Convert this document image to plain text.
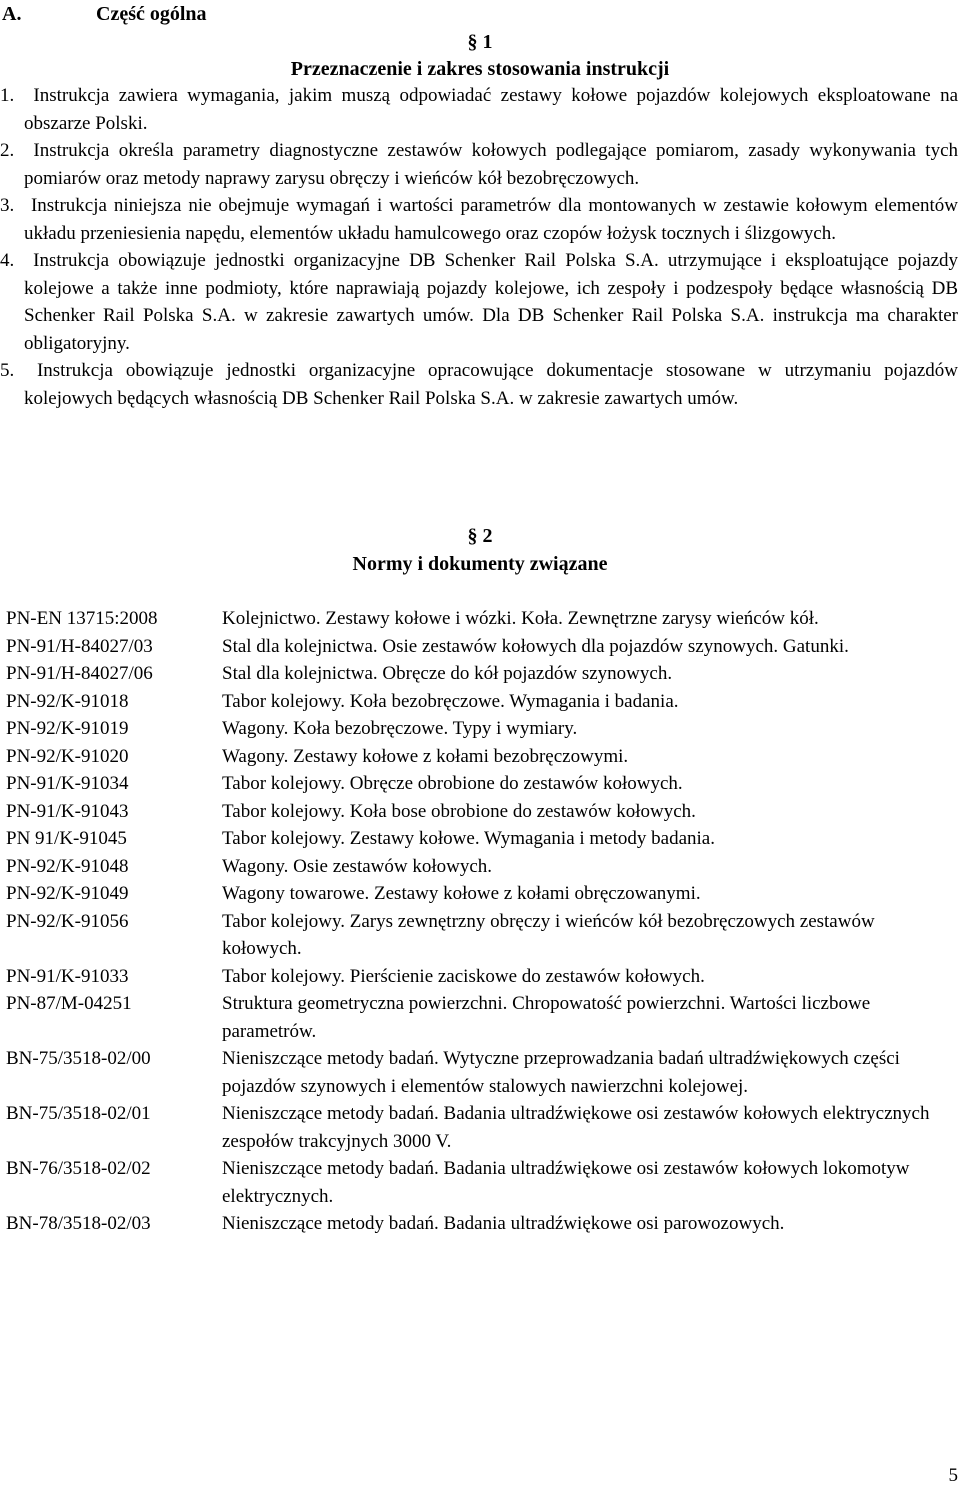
A.	Część ogólna

§ 1

Przeznaczenie i zakres stosowania instrukcji

1. Instrukcja zawiera wymagania, jakim muszą odpowiadać zestawy kołowe pojazdów kolejowych eksploatowane na obszarze Polski.
2. Instrukcja określa parametry diagnostyczne zestawów kołowych podlegające pomiarom, zasady wykonywania tych pomiarów oraz metody naprawy zarysu obręczy i wieńców kół bezobręczowych.
3. Instrukcja niniejsza nie obejmuje wymagań i wartości parametrów dla montowanych w zestawie kołowym elementów układu przeniesienia napędu, elementów układu hamulcowego oraz czopów łożysk tocznych i ślizgowych.
4. Instrukcja obowiązuje jednostki organizacyjne DB Schenker Rail Polska S.A. utrzymujące i eksploatujące pojazdy kolejowe a także inne podmioty, które naprawiają pojazdy kolejowe, ich zespoły i podzespoły będące własnością DB Schenker Rail Polska S.A. w zakresie zawartych umów. Dla DB Schenker Rail Polska S.A. instrukcja ma charakter obligatoryjny.
5. Instrukcja obowiązuje jednostki organizacyjne opracowujące dokumentacje stosowane w utrzymaniu pojazdów kolejowych będących własnością DB Schenker Rail Polska S.A. w zakresie zawartych umów.

§ 2

Normy i dokumenty związane

PN-EN 13715:2008	Kolejnictwo. Zestawy kołowe i wózki. Koła. Zewnętrzne zarysy wieńców kół.
PN-91/H-84027/03	Stal dla kolejnictwa. Osie zestawów kołowych dla pojazdów szynowych. Gatunki.
PN-91/H-84027/06	Stal dla kolejnictwa. Obręcze do kół pojazdów szynowych.
PN-92/K-91018	Tabor kolejowy. Koła bezobręczowe. Wymagania i badania.
PN-92/K-91019	Wagony. Koła bezobręczowe. Typy i wymiary.
PN-92/K-91020	Wagony. Zestawy kołowe z kołami bezobręczowymi.
PN-91/K-91034	Tabor kolejowy. Obręcze obrobione do zestawów kołowych.
PN-91/K-91043	Tabor kolejowy. Koła bose obrobione do zestawów kołowych.
PN 91/K-91045	Tabor kolejowy. Zestawy kołowe. Wymagania i metody badania.
PN-92/K-91048	Wagony. Osie zestawów kołowych.
PN-92/K-91049	Wagony towarowe. Zestawy kołowe z kołami obręczowanymi.
PN-92/K-91056	Tabor kolejowy. Zarys zewnętrzny obręczy i wieńców kół bezobręczowych zestawów kołowych.
PN-91/K-91033	Tabor kolejowy. Pierścienie zaciskowe do zestawów kołowych.
PN-87/M-04251	Struktura geometryczna powierzchni. Chropowatość powierzchni. Wartości liczbowe parametrów.
BN-75/3518-02/00	Nieniszczące metody badań. Wytyczne przeprowadzania badań ultradźwiękowych części pojazdów szynowych i elementów stalowych nawierzchni kolejowej.
BN-75/3518-02/01	Nieniszczące metody badań. Badania ultradźwiękowe osi zestawów kołowych elektrycznych zespołów trakcyjnych 3000 V.
BN-76/3518-02/02	Nieniszczące metody badań. Badania ultradźwiękowe osi zestawów kołowych lokomotyw elektrycznych.
BN-78/3518-02/03	Nieniszczące metody badań. Badania ultradźwiękowe osi parowozowych.
5
